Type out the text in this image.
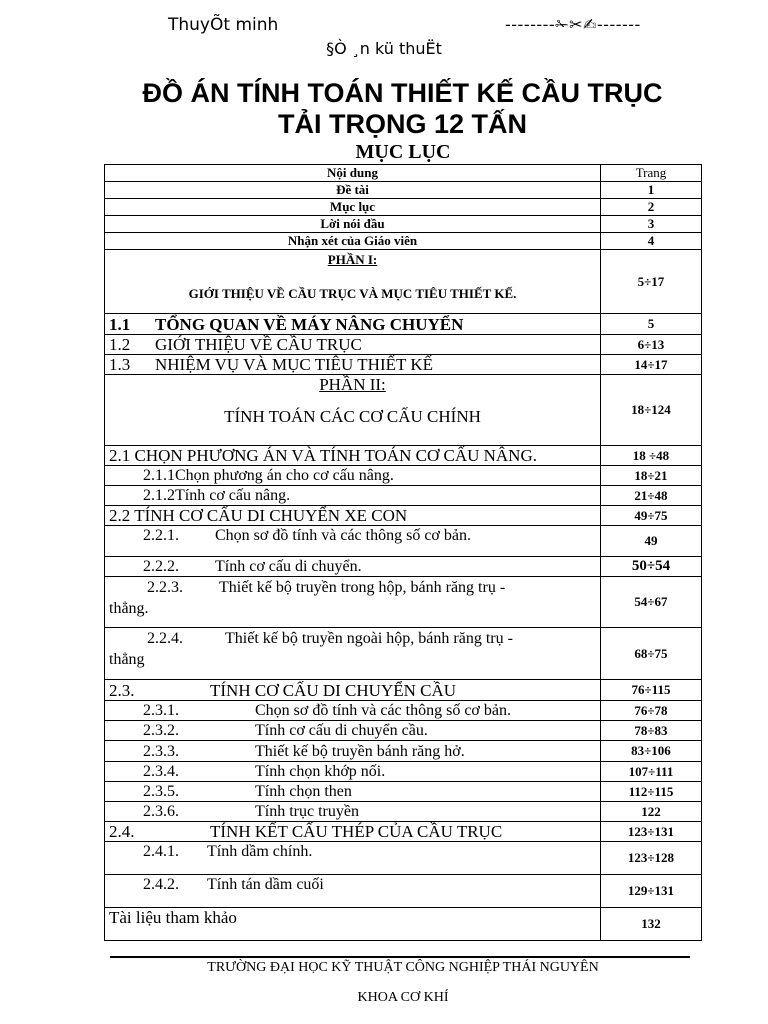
ThuyÕt minh	--------✁✂✍-------
§Ò ¸n kü thuËt
ĐỒ ÁN TÍNH TOÁN THIẾT KẾ CẦU TRỤC
TẢI TRỌNG 12 TẤN
MỤC LỤC
Nội dung	Trang
Đề tài	1
Mục lục	2
Lời nói đầu	3
Nhận xét của Giáo viên	4

PHẦN I:
GIỚI THIỆU VỀ CẦU TRỤC VÀ MỤC TIÊU THIẾT KẾ.	5÷17
1.1 TỔNG QUAN VỀ MÁY NÂNG CHUYỂN	5
1.2 GIỚI THIỆU VỀ CẦU TRỤC	6÷13
1.3 NHIỆM VỤ VÀ MỤC TIÊU THIẾT KẾ	14÷17

PHẦN II:
TÍNH TOÁN CÁC CƠ CẤU CHÍNH	18÷124
2.1 CHỌN PHƯƠNG ÁN VÀ TÍNH TOÁN CƠ CẤU NÂNG.	18 ÷48
2.1.1Chọn phương án cho cơ cấu nâng.	18÷21
2.1.2Tính cơ cấu nâng.	21÷48
2.2 TÍNH CƠ CẤU DI CHUYỂN XE CON	49÷75
2.2.1. Chọn sơ đồ tính và các thông số cơ bản.	49
2.2.2. Tính cơ cấu di chuyển.	50÷54

2.2.3. Thiết kế bộ truyền trong hộp, bánh răng trụ -
thẳng.	54÷67

2.2.4. Thiết kế bộ truyền ngoài hộp, bánh răng trụ -
thẳng	68÷75
2.3. TÍNH CƠ CẤU DI CHUYỂN CẦU	76÷115
2.3.1. Chọn sơ đồ tính và các thông số cơ bản.	76÷78
2.3.2. Tính cơ cấu di chuyển cầu.	78÷83
2.3.3. Thiết kế bộ truyền bánh răng hở.	83÷106
2.3.4. Tính chọn khớp nối.	107÷111
2.3.5. Tính chọn then	112÷115
2.3.6. Tính trục truyền	122
2.4. TÍNH KẾT CẤU THÉP CỦA CẦU TRỤC	123÷131
2.4.1. Tính dầm chính.	123÷128
2.4.2. Tính tán dầm cuối	129÷131
Tài liệu tham khảo	132
TRƯỜNG ĐẠI HỌC KỸ THUẬT CÔNG NGHIỆP THÁI NGUYÊN
KHOA CƠ KHÍ
